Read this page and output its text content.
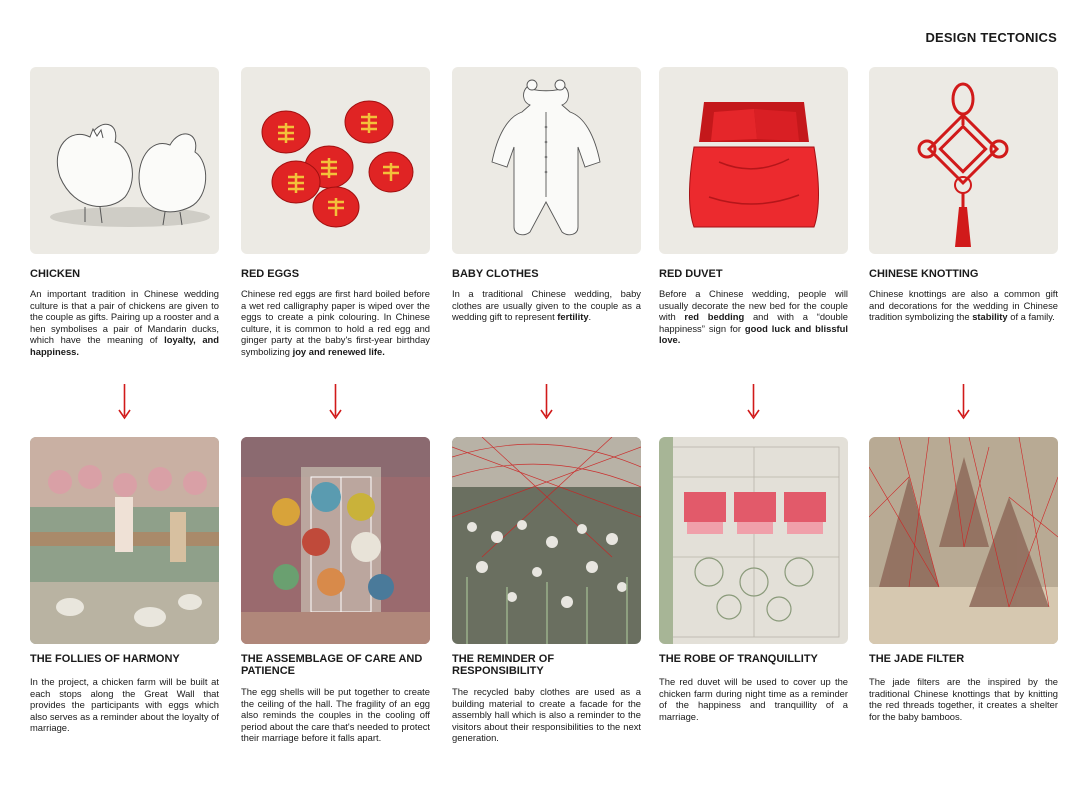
DESIGN TECTONICS
CHICKEN
An important tradition in Chinese wedding culture is that a pair of chickens are given to the couple as gifts. Pairing up a rooster and a hen symbolises a pair of Mandarin ducks, which have the meaning of loyalty, and happiness.
THE FOLLIES OF HARMONY
In the project, a chicken farm will be built at each stops along the Great Wall that provides the participants with eggs which also serves as a reminder about the loyalty of marriage.
RED EGGS
Chinese red eggs are first hard boiled before a wet red calligraphy paper is wiped over the eggs to create a pink colouring. In Chinese culture, it is common to hold a red egg and ginger party at the baby's first-year birthday symbolizing joy and renewed life.
THE ASSEMBLAGE OF CARE AND PATIENCE
The egg shells will be put together to create the ceiling of the hall. The fragility of an egg also reminds the couples in the cooling off period about the care that's needed to protect their marriage before it falls apart.
BABY CLOTHES
In a traditional Chinese wedding, baby clothes are usually given to the couple as a wedding gift to represent fertility.
THE REMINDER OF RESPONSIBILITY
The recycled baby clothes are used as a building material to create a facade for the assembly hall which is also a reminder to the visitors about their responsibilities to the next generation.
RED DUVET
Before a Chinese wedding, people will usually decorate the new bed for the couple with red bedding and with a “double happiness” sign for good luck and blissful love.
THE ROBE OF TRANQUILLITY
The red duvet will be used to cover up the chicken farm during night time as a reminder of the happiness and tranquillity of a marriage.
CHINESE KNOTTING
Chinese knottings are also a common gift and decorations for the wedding in Chinese tradition symbolizing the stability of a family.
THE JADE FILTER
The jade filters are the inspired by the traditional Chinese knottings that by knitting the red threads together, it creates a shelter for the baby bamboos.
